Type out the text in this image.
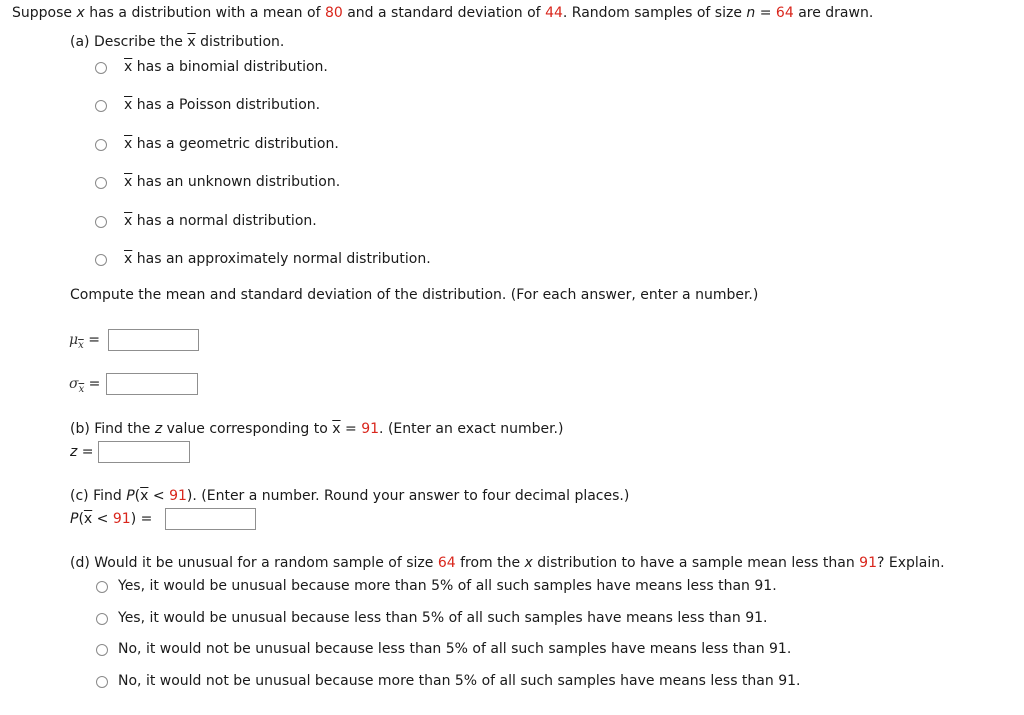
Suppose x has a distribution with a mean of 80 and a standard deviation of 44. Random samples of size n = 64 are drawn.
(a) Describe the $\overline{x}$ distribution.
$\overline{x}$ has a binomial distribution.
$\overline{x}$ has a Poisson distribution.
$\overline{x}$ has a geometric distribution.
$\overline{x}$ has an unknown distribution.
$\overline{x}$ has a normal distribution.
$\overline{x}$ has an approximately normal distribution.
Compute the mean and standard deviation of the distribution. (For each answer, enter a number.)
$\mu_{\overline{x}}$ =
$\sigma_{\overline{x}}$ =
(b) Find the z value corresponding to $\overline{x} = 91$. (Enter an exact number.)
z =
(c) Find $P(\overline{x} < 91)$. (Enter a number. Round your answer to four decimal places.)
$P(\overline{x} < 91)$ =
(d) Would it be unusual for a random sample of size 64 from the x distribution to have a sample mean less than 91? Explain.
Yes, it would be unusual because more than 5% of all such samples have means less than 91.
Yes, it would be unusual because less than 5% of all such samples have means less than 91.
No, it would not be unusual because less than 5% of all such samples have means less than 91.
No, it would not be unusual because more than 5% of all such samples have means less than 91.
